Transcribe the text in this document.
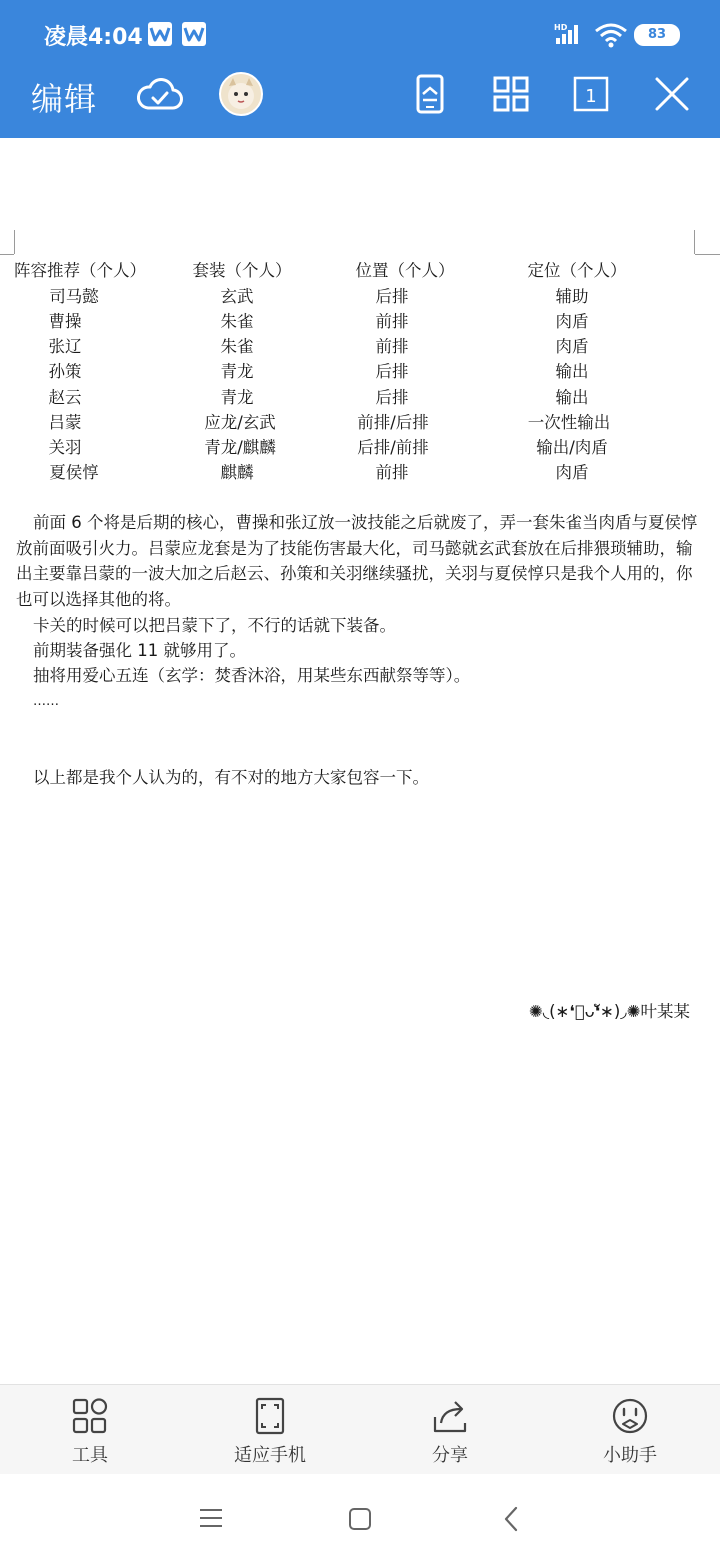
凌晨4:04	HD	83
编辑	1
阵容推荐（个人）	套装（个人）	位置（个人）	定位（个人）
司马懿	玄武	后排	辅助
曹操	朱雀	前排	肉盾
张辽	朱雀	前排	肉盾
孙策	青龙	后排	输出
赵云	青龙	后排	输出
吕蒙	应龙/玄武	前排/后排	一次性输出
关羽	青龙/麒麟	后排/前排	输出/肉盾
夏侯惇	麒麟	前排	肉盾
前面 6 个将是后期的核心，曹操和张辽放一波技能之后就废了，弄一套朱雀当肉盾与夏侯惇放前面吸引火力。吕蒙应龙套是为了技能伤害最大化，司马懿就玄武套放在后排猥琐辅助，输出主要靠吕蒙的一波大加之后赵云、孙策和关羽继续骚扰，关羽与夏侯惇只是我个人用的，你也可以选择其他的将。
卡关的时候可以把吕蒙下了，不行的话就下装备。
前期装备强化 11 就够用了。
抽将用爱心五连（玄学：焚香沐浴，用某些东西献祭等等）。
……
以上都是我个人认为的，有不对的地方大家包容一下。
✺◟(∗❛ัᴗ❛ั∗)◞✺叶某某
工具	适应手机	分享	小助手
